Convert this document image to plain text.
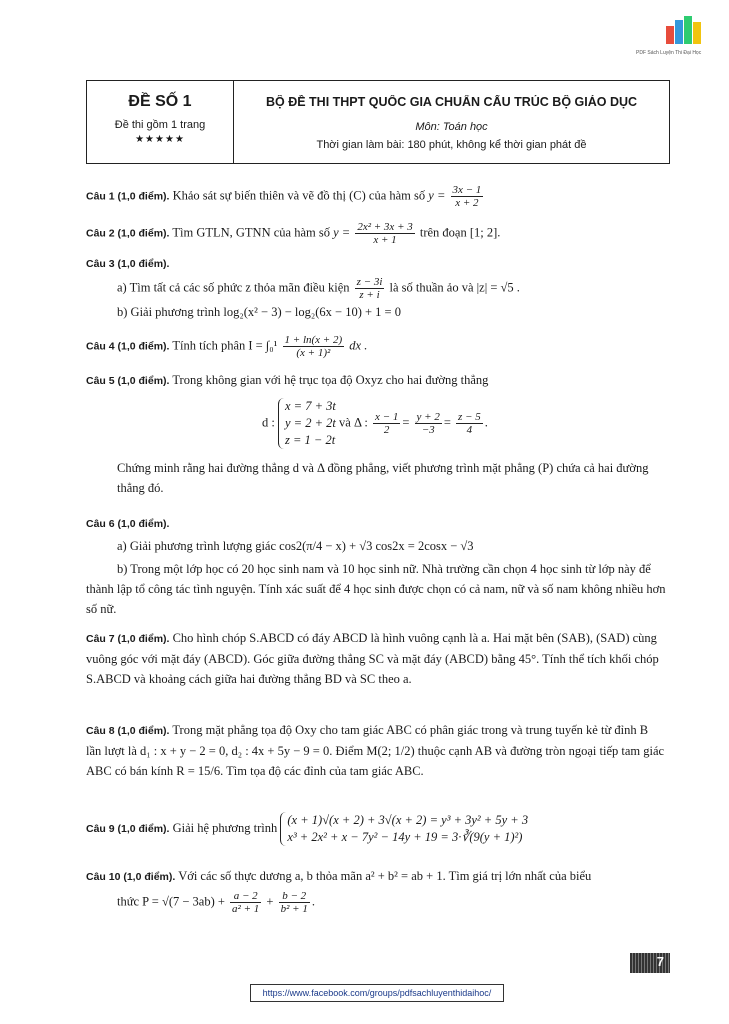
PDF Sách Luyện Thi Đại Học
ĐỀ SỐ 1
Đề thi gồm 1 trang
★★★★★
BỘ ĐỀ THI THPT QUỐC GIA CHUẨN CẤU TRÚC BỘ GIÁO DỤC
Môn: Toán học
Thời gian làm bài: 180 phút, không kể thời gian phát đề
Câu 1 (1,0 điểm). Khảo sát sự biến thiên và vẽ đồ thị (C) của hàm số $y = \frac{3x - 1}{x + 2}$
Câu 2 (1,0 điểm). Tìm GTLN, GTNN của hàm số $y = \frac{\text{2x² + 3x + 3}}{x + 1}$ trên đoạn [1; 2].
Câu 3 (1,0 điểm).
a) Tìm tất cả các số phức z thỏa mãn điều kiện $\frac{z - 3i}{z + i}$ là số thuần ảo và |z| = √5 .
b) Giải phương trình log₂(x² − 3) − log₂(6x − 10) + 1 = 0
Câu 4 (1,0 điểm). Tính tích phân $I = \int_0^1 \frac{1 + \ln(x + 2)}{\text{(x + 1)²}}$ dx .
Câu 5 (1,0 điểm). Trong không gian với hệ trục tọa độ Oxyz cho hai đường thẳng
d :
x = 7 + 3t
y = 2 + 2t
z = 1 − 2t
và Δ : $\frac{x - 1}{2} = \frac{y + 2}{-3} = \frac{z - 5}{4}$ .
Chứng minh rằng hai đường thẳng d và Δ đồng phẳng, viết phương trình mặt phẳng (P) chứa cả hai đường thẳng đó.
Câu 6 (1,0 điểm).
a) Giải phương trình lượng giác cos2(π/4 − x) + √3 cos2x = 2cosx − √3
b) Trong một lớp học có 20 học sinh nam và 10 học sinh nữ. Nhà trường cần chọn 4 học sinh từ lớp này để thành lập tổ công tác tình nguyện. Tính xác suất để 4 học sinh được chọn có cả nam, nữ và số nam không nhiều hơn số nữ.
Câu 7 (1,0 điểm). Cho hình chóp S.ABCD có đáy ABCD là hình vuông cạnh là a. Hai mặt bên (SAB), (SAD) cùng vuông góc với mặt đáy (ABCD). Góc giữa đường thẳng SC và mặt đáy (ABCD) bằng 45°. Tính thể tích khối chóp S.ABCD và khoảng cách giữa hai đường thẳng BD và SC theo a.
Câu 8 (1,0 điểm). Trong mặt phẳng tọa độ Oxy cho tam giác ABC có phân giác trong và trung tuyến kẻ từ đỉnh B lần lượt là d₁ : x + y − 2 = 0, d₂ : 4x + 5y − 9 = 0. Điểm M(2; 1/2) thuộc cạnh AB và đường tròn ngoại tiếp tam giác ABC có bán kính R = 15/6. Tìm tọa độ các đỉnh của tam giác ABC.
Câu 9 (1,0 điểm). Giải hệ phương trình
(x + 1)√(x + 2) + 3√(x + 2) = y³ + 3y² + 5y + 3
x³ + 2x² + x − 7y² − 14y + 19 = 3·∛(9(y + 1)²)
Câu 10 (1,0 điểm). Với các số thực dương a, b thỏa mãn a² + b² = ab + 1. Tìm giá trị lớn nhất của biểu
thức $P = √(7 - 3ab) + \frac{a - 2}{\text{a² + 1}} + \frac{b - 2}{\text{b² + 1}}$ .
7
https://www.facebook.com/groups/pdfsachluyenthidaihoc/
